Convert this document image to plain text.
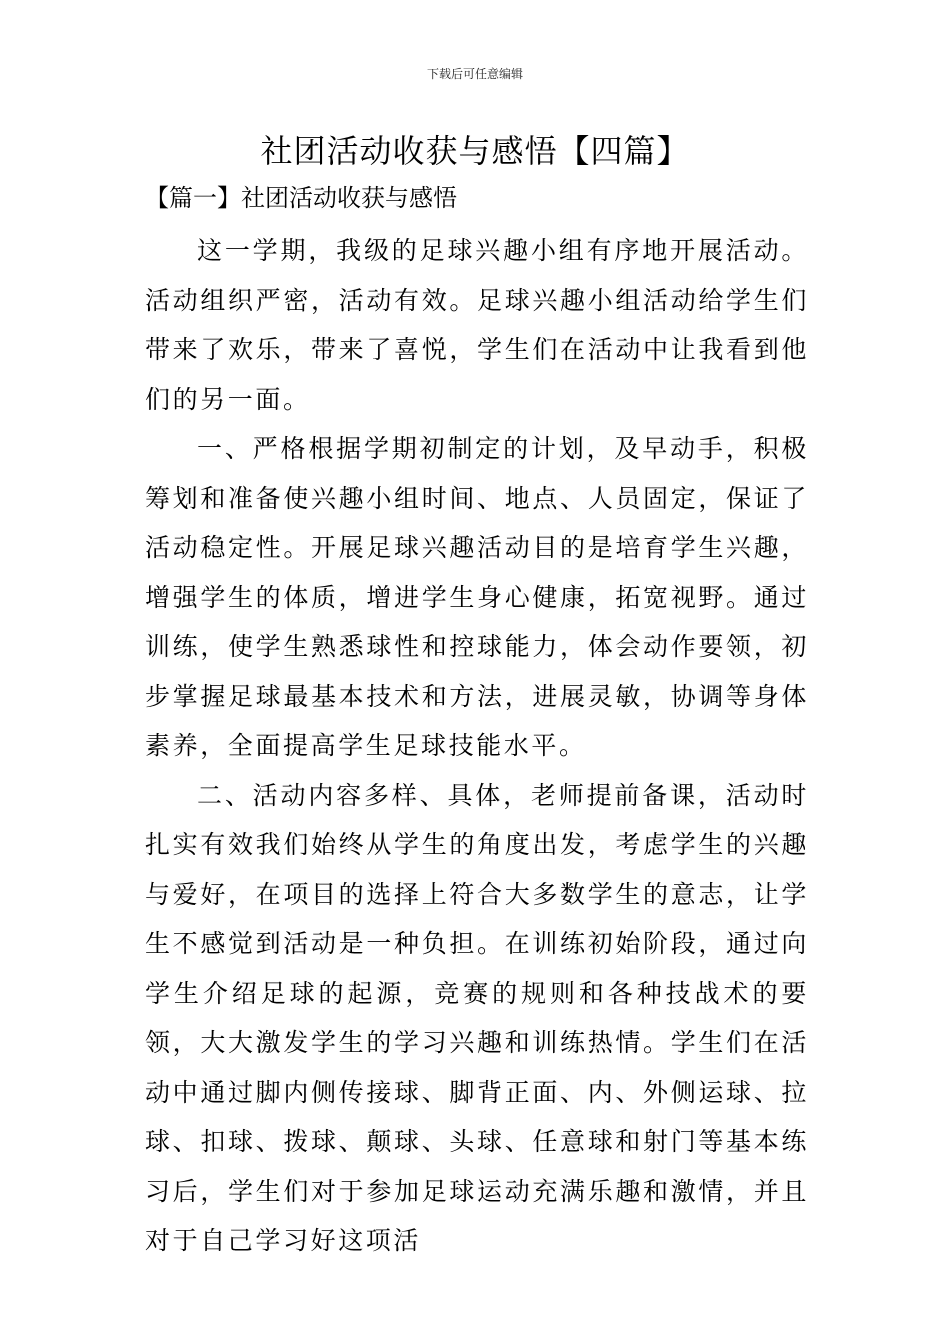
下载后可任意编辑
社团活动收获与感悟【四篇】
【篇一】社团活动收获与感悟

这一学期，我级的足球兴趣小组有序地开展活动。活动组织严密，活动有效。足球兴趣小组活动给学生们带来了欢乐，带来了喜悦，学生们在活动中让我看到他们的另一面。

一、严格根据学期初制定的计划，及早动手，积极筹划和准备使兴趣小组时间、地点、人员固定，保证了活动稳定性。开展足球兴趣活动目的是培育学生兴趣，增强学生的体质，增进学生身心健康，拓宽视野。通过训练，使学生熟悉球性和控球能力，体会动作要领，初步掌握足球最基本技术和方法，进展灵敏，协调等身体素养，全面提高学生足球技能水平。

二、活动内容多样、具体，老师提前备课，活动时扎实有效我们始终从学生的角度出发，考虑学生的兴趣与爱好，在项目的选择上符合大多数学生的意志，让学生不感觉到活动是一种负担。在训练初始阶段，通过向学生介绍足球的起源，竞赛的规则和各种技战术的要领，大大激发学生的学习兴趣和训练热情。学生们在活动中通过脚内侧传接球、脚背正面、内、外侧运球、拉球、扣球、拨球、颠球、头球、任意球和射门等基本练习后，学生们对于参加足球运动充满乐趣和激情，并且对于自己学习好这项活
